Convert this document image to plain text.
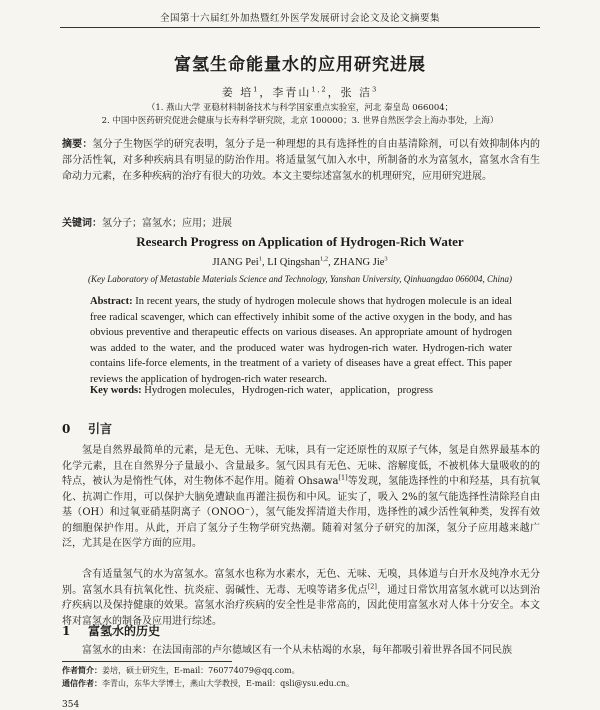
全国第十六届红外加热暨红外医学发展研讨会论文及论文摘要集
富氢生命能量水的应用研究进展
姜 培$^1$，李青山$^{1,2}$，张 洁$^3$
（1. 燕山大学 亚稳材料制备技术与科学国家重点实验室，河北 秦皇岛 066004；
2. 中国中医药研究促进会健康与长寿科学研究院，北京 100000；3. 世界自然医学会上海办事处，上海）
摘要：氢分子生物医学的研究表明，氢分子是一种理想的具有选择性的自由基清除剂，可以有效抑制体内的部分活性氧，对多种疾病具有明显的防治作用。将适量氢气加入水中，所制备的水为富氢水，富氢水含有生命动力元素，在多种疾病的治疗有很大的功效。本文主要综述富氢水的机理研究，应用研究进展。
关键词：氢分子；富氢水；应用；进展
Research Progress on Application of Hydrogen-Rich Water
JIANG Pei$^1$, LI Qingshan$^{1,2}$, ZHANG Jie$^3$
(Key Laboratory of Metastable Materials Science and Technology, Yanshan University, Qinhuangdao 066004, China)
Abstract: In recent years, the study of hydrogen molecule shows that hydrogen molecule is an ideal free radical scavenger, which can effectively inhibit some of the active oxygen in the body, and has obvious preventive and therapeutic effects on various diseases. An appropriate amount of hydrogen was added to the water, and the produced water was hydrogen-rich water. Hydrogen-rich water contains life-force elements, in the treatment of a variety of diseases have a great effect. This paper reviews the application of hydrogen-rich water research.
Key words: Hydrogen molecules，Hydrogen-rich water，application，progress
0 引言
氢是自然界最简单的元素，是无色、无味、无味，具有一定还原性的双原子气体，氢是自然界最基本的化学元素，且在自然界分子量最小、含量最多。氢气因具有无色、无味、溶解度低，不被机体大量吸收的的特点，被认为是惰性气体，对生物体不起作用。随着 Ohsawa[1]等发现，氢能选择性的中和羟基，具有抗氧化、抗凋亡作用，可以保护大脑免遭缺血再灌注损伤和中风。证实了，吸入 2%的氢气能选择性清除羟自由基（OH）和过氧亚硝基阴离子（ONOO⁻），氢气能发挥清道夫作用，选择性的减少活性氧种类，发挥有效的细胞保护作用。从此，开启了氢分子生物学研究热潮。随着对氢分子研究的加深，氢分子应用越来越广泛，尤其是在医学方面的应用。
含有适量氢气的水为富氢水。富氢水也称为水素水，无色、无味、无嗅，具体道与白开水及纯净水无分别。富氢水具有抗氧化性、抗炎症、弱碱性、无毒、无嗅等诸多优点[2]，通过日常饮用富氢水就可以达到治疗疾病以及保持健康的效果。富氢水治疗疾病的安全性是非常高的，因此使用富氢水对人体十分安全。本文将对富氢水的制备及应用进行综述。
1 富氢水的历史
富氢水的由来：在法国南部的卢尔德域区有一个从未枯竭的水泉，每年都吸引着世界各国不同民族
作者简介：姜培，硕士研究生，E-mail：760774079@qq.com。
通信作者：李青山，东华大学博士，燕山大学教授，E-mail：qsli@ysu.edu.cn。
354
